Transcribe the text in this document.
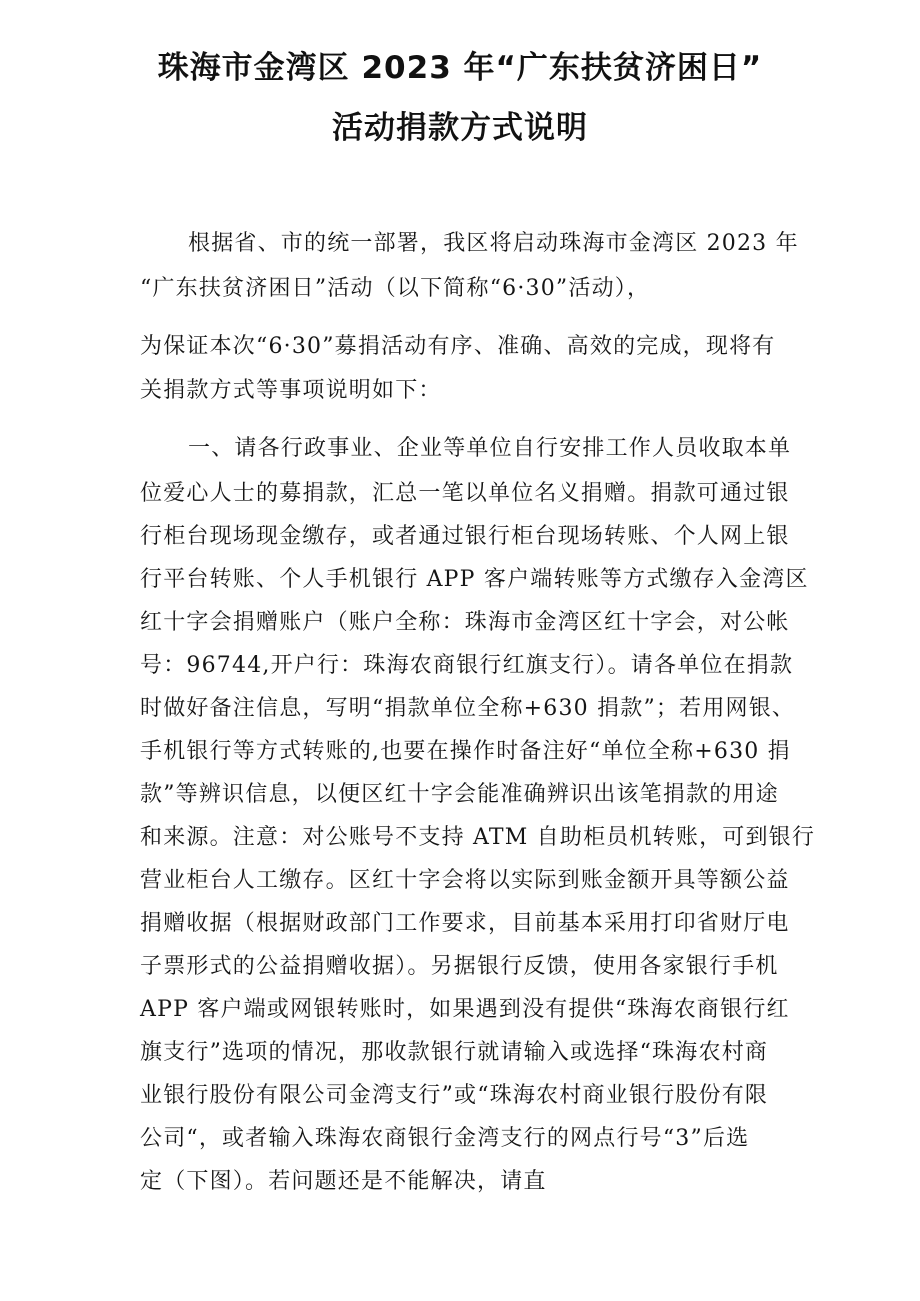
珠海市金湾区 2023 年“广东扶贫济困日”
活动捐款方式说明
根据省、市的统一部署，我区将启动珠海市金湾区 2023 年
“广东扶贫济困日”活动（以下简称“6·30”活动），
为保证本次“6·30”募捐活动有序、准确、高效的完成，现将有
关捐款方式等事项说明如下：
一、请各行政事业、企业等单位自行安排工作人员收取本单
位爱心人士的募捐款，汇总一笔以单位名义捐赠。捐款可通过银
行柜台现场现金缴存，或者通过银行柜台现场转账、个人网上银
行平台转账、个人手机银行 APP 客户端转账等方式缴存入金湾区
红十字会捐赠账户（账户全称：珠海市金湾区红十字会，对公帐
号：96744,开户行：珠海农商银行红旗支行）。请各单位在捐款
时做好备注信息，写明“捐款单位全称+630 捐款”；若用网银、
手机银行等方式转账的,也要在操作时备注好“单位全称+630 捐
款”等辨识信息，以便区红十字会能准确辨识出该笔捐款的用途
和来源。注意：对公账号不支持 ATM 自助柜员机转账，可到银行
营业柜台人工缴存。区红十字会将以实际到账金额开具等额公益
捐赠收据（根据财政部门工作要求，目前基本采用打印省财厅电
子票形式的公益捐赠收据）。另据银行反馈，使用各家银行手机
APP 客户端或网银转账时，如果遇到没有提供“珠海农商银行红
旗支行”选项的情况，那收款银行就请输入或选择“珠海农村商
业银行股份有限公司金湾支行”或“珠海农村商业银行股份有限
公司“，或者输入珠海农商银行金湾支行的网点行号“3”后选
定（下图）。若问题还是不能解决，请直
